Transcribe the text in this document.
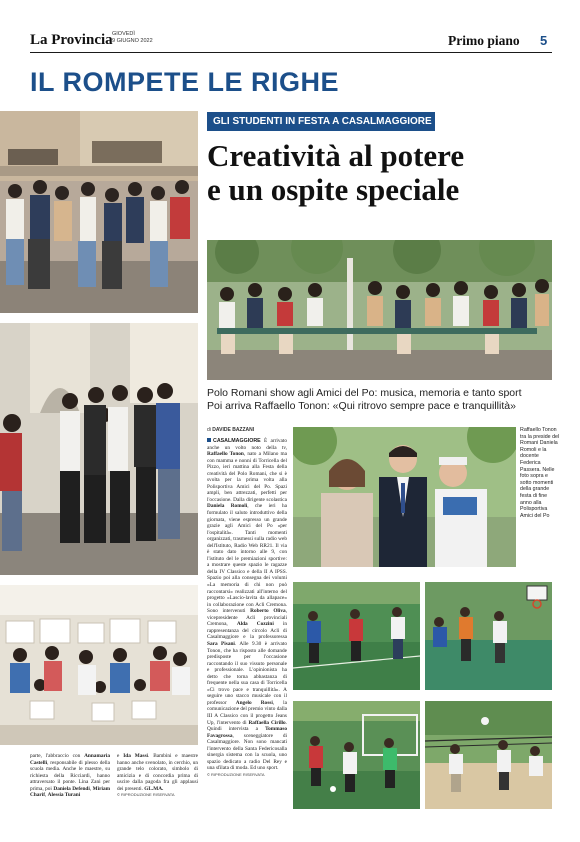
La Provincia GIOVEDÌ
9 GIUGNO 2022	Primo piano 5
IL ROMPETE LE RIGHE
GLI STUDENTI IN FESTA A CASALMAGGIORE
Creatività al potere
e un ospite speciale
Polo Romani show agli Amici del Po: musica, memoria e tanto sport
Poi arriva Raffaello Tonon: «Qui ritrovo sempre pace e tranquillità»
di DAVIDE BAZZANI
CASALMAGGIORE È arrivato anche un volto noto della tv, Raffaello Tonon, nato a Milano ma con mamma e nonni di Torricella del Pizzo, ieri mattina alla Festa della creatività del Polo Romani, che si è svolta per la prima volta alla Polisportiva Amici del Po. Spazi ampli, ben attrezzati, perfetti per l'occasione. Dalla dirigente scolastica Daniela Romoli, che ieri ha formulato il saluto introduttivo della giornata, viene espresso un grande grazie agli Amici del Po «per l'ospitalità». Tanti momenti organizzati, trasmessi sulla radio web dell'Istituto, Radio Web RR21. Il via è stato dato intorno alle 9, con l'istituto del le premiazioni sportive: a mostrare queste spazio le ragazze della IV Classico e della II A IPSS. Spazio poi alla consegna dei volumi «La memoria di chi non può raccontarsi» realizzati all'interno del progetto «Lascio-lavita da allapace» in collaborazione con Acli Cremona. Sono intervenuti Roberto Oliva, vicepresidente Acli provinciali Cremona, Alda Cozzini in rappresentanza del circolo Acli di Casalmaggiore e la professoressa Sara Pisani. Alle 9.30 è arrivato Tonon, che ha risposto alle domande predisposte per l'occasione raccontando il suo vissuto personale e professionale. L'opinionista ha detto che torna abbastanza di frequente nella sua casa di Torricella «Ci trovo pace e tranquillità». A seguire uno stacco musicale con il professor Angelo Rossi, la comunicazione del premio vinto dalla III A Classico con il progetto Jeans Up, l'intervento di Raffaella Cirillo. Quindi intervista a Tommaso Favagrossa, sceneggiatore di Casalmaggiore. Non sono mancati l'intervento della Santa Federicosalla sinergia sistema con la scuola, uno spazio dedicato a radio Del Rey e una sfilata di moda. Ed uno sport.
© RIPRODUZIONE RISERVATA
Raffaello Tonon tra la preside del Romani Daniela Romoli e la docente Federica Passera. Nelle foto sopra e sotto momenti della grande festa di fine anno alla Polisportiva Amici del Po
parte, l'abbraccio con Annamaria Castelli, responsabile di plesso della scuola media. Anche le maestre, su richiesta della Ricciardi, hanno attraversato il ponte. Lina Zani per prima, poi Daniela Defendi, Miriam Charif, Alessia Turani
e Ida Massi. Bambini e maestre hanno anche svenolato, in cerchio, un grande telo colorato, simbolo di amicizia e di concordia prima di uscire dalla pagoda fra gli applausi dei presenti. GL.MA.
© RIPRODUZIONE RISERVATA
